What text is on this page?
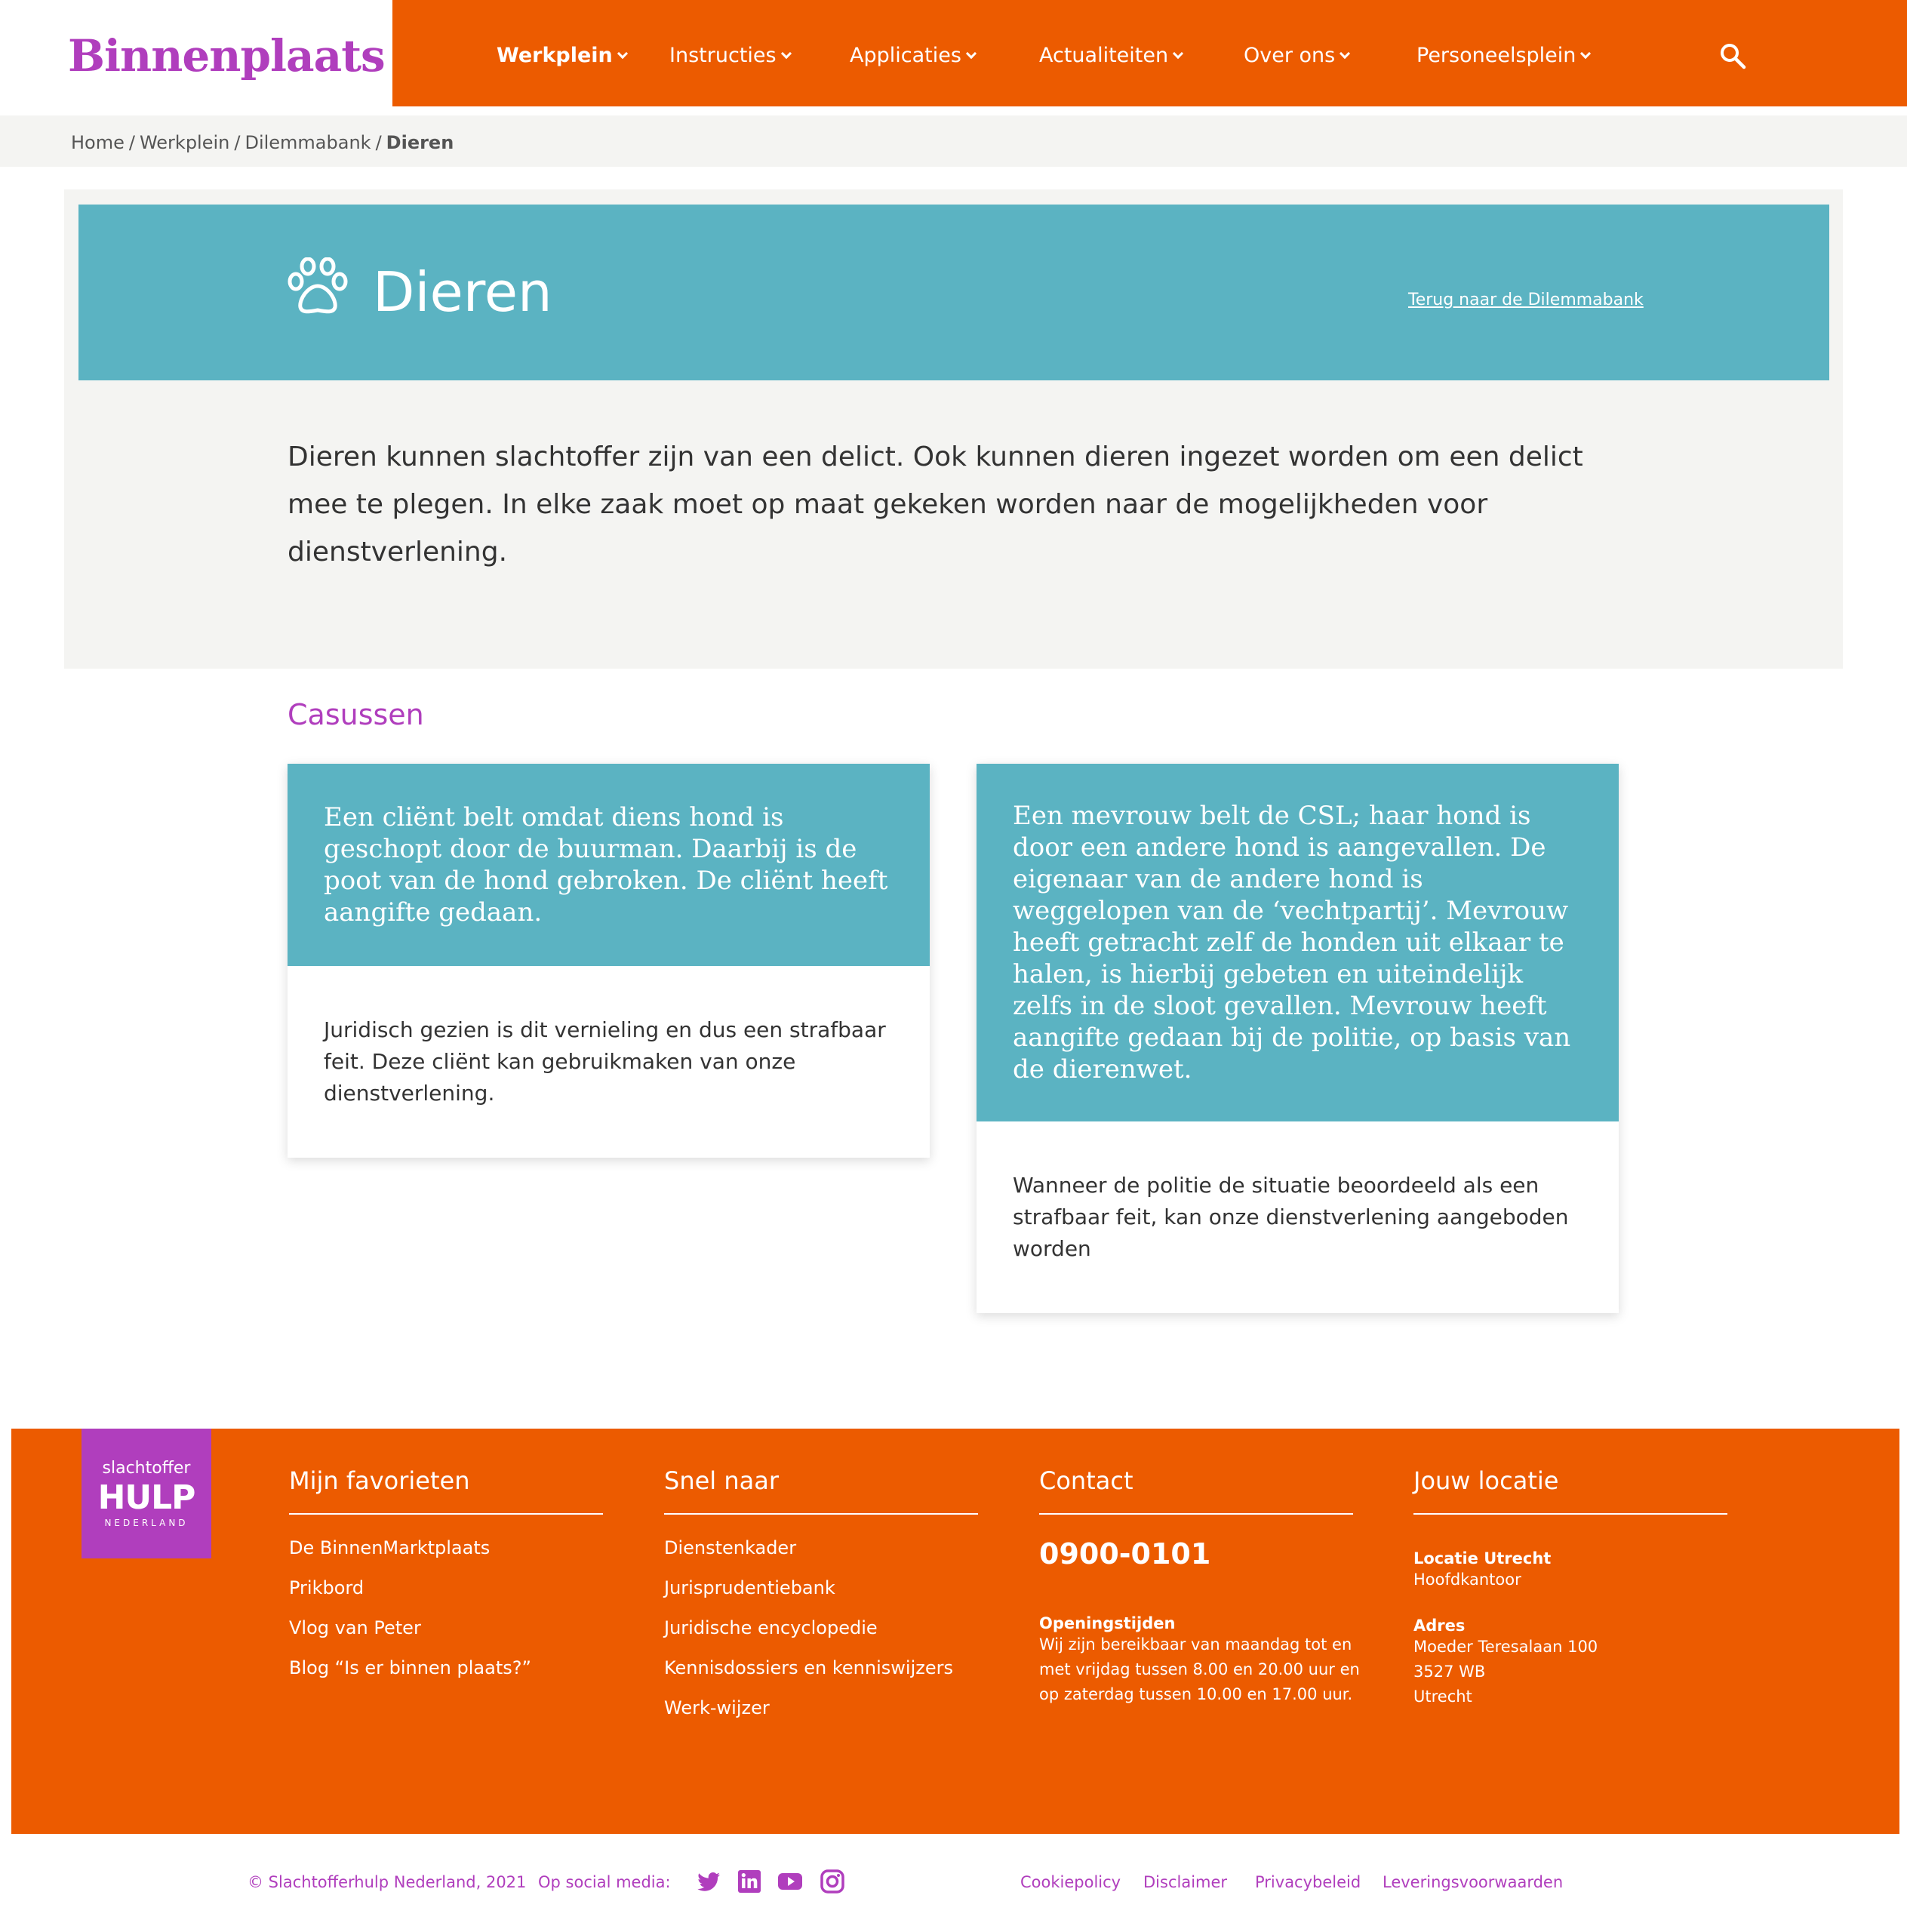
Binnenplaats	Werkplein	Instructies	Applicaties	Actualiteiten	Over ons	Personeelsplein
Home / Werkplein / Dilemmabank / Dieren
Dieren	Terug naar de Dilemmabank
Dieren kunnen slachtoffer zijn van een delict. Ook kunnen dieren ingezet worden om een delict mee te plegen. In elke zaak moet op maat gekeken worden naar de mogelijkheden voor dienstverlening.
Casussen
Een cliënt belt omdat diens hond is geschopt door de buurman. Daarbij is de poot van de hond gebroken. De cliënt heeft aangifte gedaan.
Juridisch gezien is dit vernieling en dus een strafbaar feit. Deze cliënt kan gebruikmaken van onze dienstverlening.
Een mevrouw belt de CSL; haar hond is door een andere hond is aangevallen. De eigenaar van de andere hond is weggelopen van de ‘vechtpartij’. Mevrouw heeft getracht zelf de honden uit elkaar te halen, is hierbij gebeten en uiteindelijk zelfs in de sloot gevallen. Mevrouw heeft aangifte gedaan bij de politie, op basis van de dierenwet.
Wanneer de politie de situatie beoordeeld als een strafbaar feit, kan onze dienstverlening aangeboden worden
slachtoffer
HULP
NEDERLAND
Mijn favorieten
De BinnenMarktplaats
Prikbord
Vlog van Peter
Blog “Is er binnen plaats?”
Snel naar
Dienstenkader
Jurisprudentiebank
Juridische encyclopedie
Kennisdossiers en kenniswijzers
Werk-wijzer
Contact
0900-0101
Openingstijden
Wij zijn bereikbaar van maandag tot en
met vrijdag tussen 8.00 en 20.00 uur en
op zaterdag tussen 10.00 en 17.00 uur.
Jouw locatie
Locatie Utrecht
Hoofdkantoor
Adres
Moeder Teresalaan 100
3527 WB
Utrecht
© Slachtofferhulp Nederland, 2021 Op social media:	Cookiepolicy Disclaimer Privacybeleid Leveringsvoorwaarden
